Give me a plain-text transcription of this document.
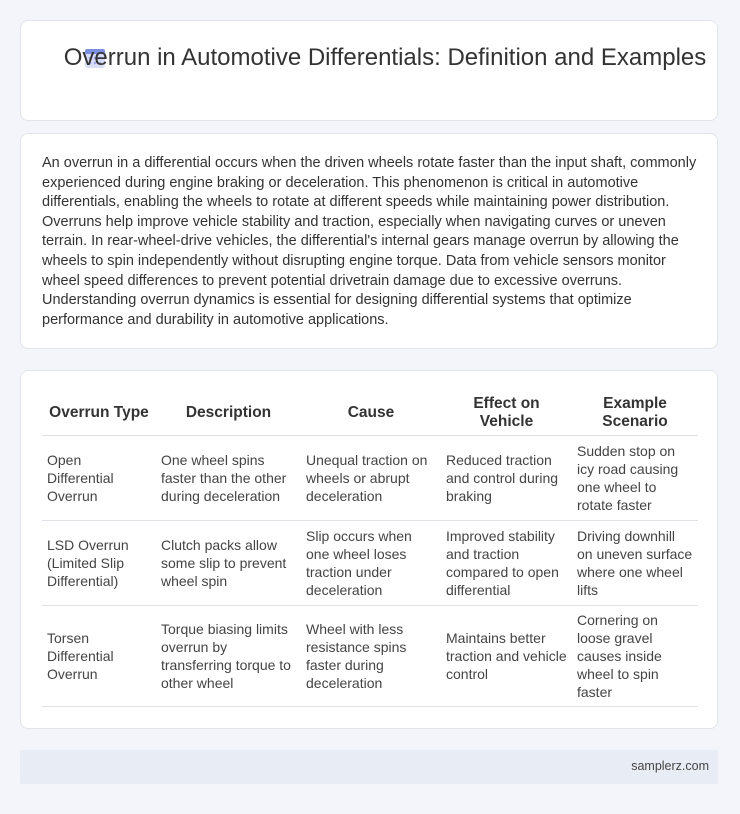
Overrun in Automotive Differentials: Definition and Examples
An overrun in a differential occurs when the driven wheels rotate faster than the input shaft, commonly experienced during engine braking or deceleration. This phenomenon is critical in automotive differentials, enabling the wheels to rotate at different speeds while maintaining power distribution. Overruns help improve vehicle stability and traction, especially when navigating curves or uneven terrain. In rear-wheel-drive vehicles, the differential's internal gears manage overrun by allowing the wheels to spin independently without disrupting engine torque. Data from vehicle sensors monitor wheel speed differences to prevent potential drivetrain damage due to excessive overruns. Understanding overrun dynamics is essential for designing differential systems that optimize performance and durability in automotive applications.
Overrun Type	Description	Cause	Effect on Vehicle	Example Scenario
Open Differential Overrun	One wheel spins faster than the other during deceleration	Unequal traction on wheels or abrupt deceleration	Reduced traction and control during braking	Sudden stop on icy road causing one wheel to rotate faster
LSD Overrun (Limited Slip Differential)	Clutch packs allow some slip to prevent wheel spin	Slip occurs when one wheel loses traction under deceleration	Improved stability and traction compared to open differential	Driving downhill on uneven surface where one wheel lifts
Torsen Differential Overrun	Torque biasing limits overrun by transferring torque to other wheel	Wheel with less resistance spins faster during deceleration	Maintains better traction and vehicle control	Cornering on loose gravel causes inside wheel to spin faster
samplerz.com
